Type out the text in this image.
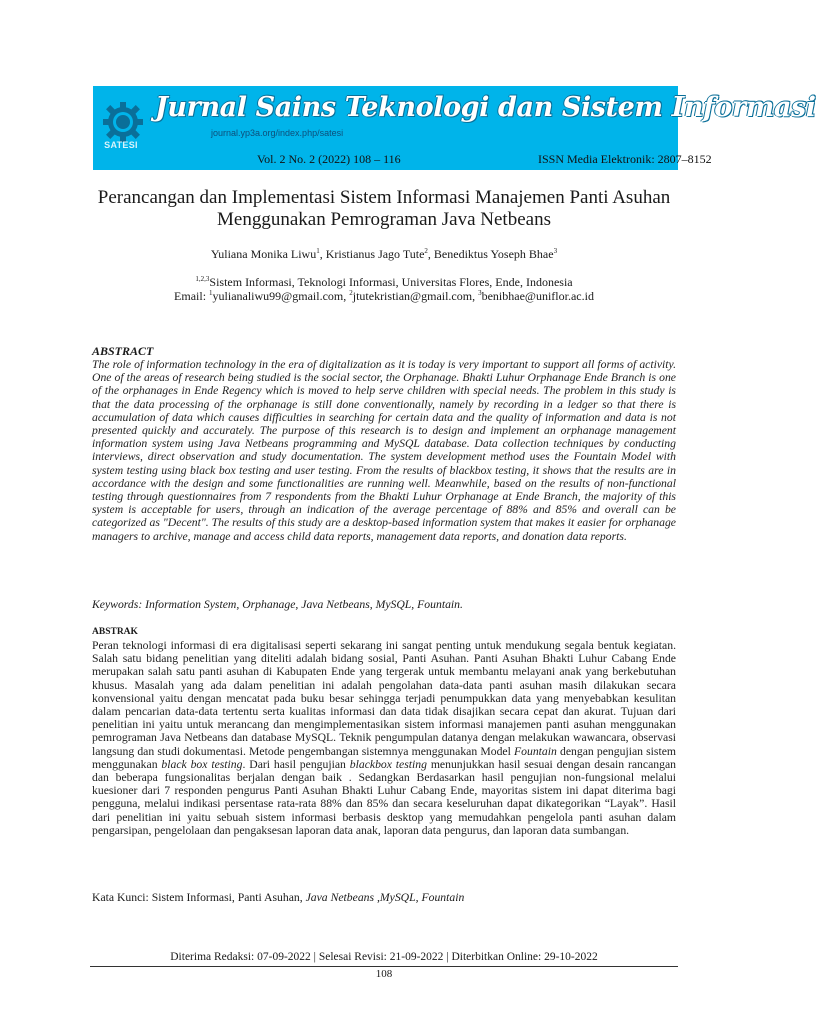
SATESI
Jurnal Sains Teknologi dan Sistem Informasi
journal.yp3a.org/index.php/satesi
Vol. 2 No. 2 (2022) 108 – 116	ISSN Media Elektronik: 2807–8152
Perancangan dan Implementasi Sistem Informasi Manajemen Panti Asuhan
Menggunakan Pemrograman Java Netbeans
Yuliana Monika Liwu$^1$, Kristianus Jago Tute$^2$, Benediktus Yoseph Bhae$^3$
$^{1,2,3}$Sistem Informasi, Teknologi Informasi, Universitas Flores, Ende, Indonesia
Email: $^1$yulianaliwu99@gmail.com, $^2$jtutekristian@gmail.com, $^3$benibhae@uniflor.ac.id
ABSTRACT
The role of information technology in the era of digitalization as it is today is very important to support all forms of activity. One of the areas of research being studied is the social sector, the Orphanage. Bhakti Luhur Orphanage Ende Branch is one of the orphanages in Ende Regency which is moved to help serve children with special needs. The problem in this study is that the data processing of the orphanage is still done conventionally, namely by recording in a ledger so that there is accumulation of data which causes difficulties in searching for certain data and the quality of information and data is not presented quickly and accurately. The purpose of this research is to design and implement an orphanage management information system using Java Netbeans programming and MySQL database. Data collection techniques by conducting interviews, direct observation and study documentation. The system development method uses the Fountain Model with system testing using black box testing and user testing. From the results of blackbox testing, it shows that the results are in accordance with the design and some functionalities are running well. Meanwhile, based on the results of non-functional testing through questionnaires from 7 respondents from the Bhakti Luhur Orphanage at Ende Branch, the majority of this system is acceptable for users, through an indication of the average percentage of 88% and 85% and overall can be categorized as "Decent". The results of this study are a desktop-based information system that makes it easier for orphanage managers to archive, manage and access child data reports, management data reports, and donation data reports.
Keywords: Information System, Orphanage, Java Netbeans, MySQL, Fountain.
ABSTRAK
Peran teknologi informasi di era digitalisasi seperti sekarang ini sangat penting untuk mendukung segala bentuk kegiatan. Salah satu bidang penelitian yang diteliti adalah bidang sosial, Panti Asuhan. Panti Asuhan Bhakti Luhur Cabang Ende merupakan salah satu panti asuhan di Kabupaten Ende yang tergerak untuk membantu melayani anak yang berkebutuhan khusus. Masalah yang ada dalam penelitian ini adalah pengolahan data-data panti asuhan masih dilakukan secara konvensional yaitu dengan mencatat pada buku besar sehingga terjadi penumpukkan data yang menyebabkan kesulitan dalam pencarian data-data tertentu serta kualitas informasi dan data tidak disajikan secara cepat dan akurat. Tujuan dari penelitian ini yaitu untuk merancang dan mengimplementasikan sistem informasi manajemen panti asuhan menggunakan pemrograman Java Netbeans dan database MySQL. Teknik pengumpulan datanya dengan melakukan wawancara, observasi langsung dan studi dokumentasi. Metode pengembangan sistemnya menggunakan Model Fountain dengan pengujian sistem menggunakan black box testing. Dari hasil pengujian blackbox testing menunjukkan hasil sesuai dengan desain rancangan dan beberapa fungsionalitas berjalan dengan baik . Sedangkan Berdasarkan hasil pengujian non-fungsional melalui kuesioner dari 7 responden pengurus Panti Asuhan Bhakti Luhur Cabang Ende, mayoritas sistem ini dapat diterima bagi pengguna, melalui indikasi persentase rata-rata 88% dan 85% dan secara keseluruhan dapat dikategorikan “Layak”. Hasil dari penelitian ini yaitu sebuah sistem informasi berbasis desktop yang memudahkan pengelola panti asuhan dalam pengarsipan, pengelolaan dan pengaksesan laporan data anak, laporan data pengurus, dan laporan data sumbangan.
Kata Kunci: Sistem Informasi, Panti Asuhan, Java Netbeans ,MySQL, Fountain
Diterima Redaksi: 07-09-2022 | Selesai Revisi: 21-09-2022 | Diterbitkan Online: 29-10-2022
108
